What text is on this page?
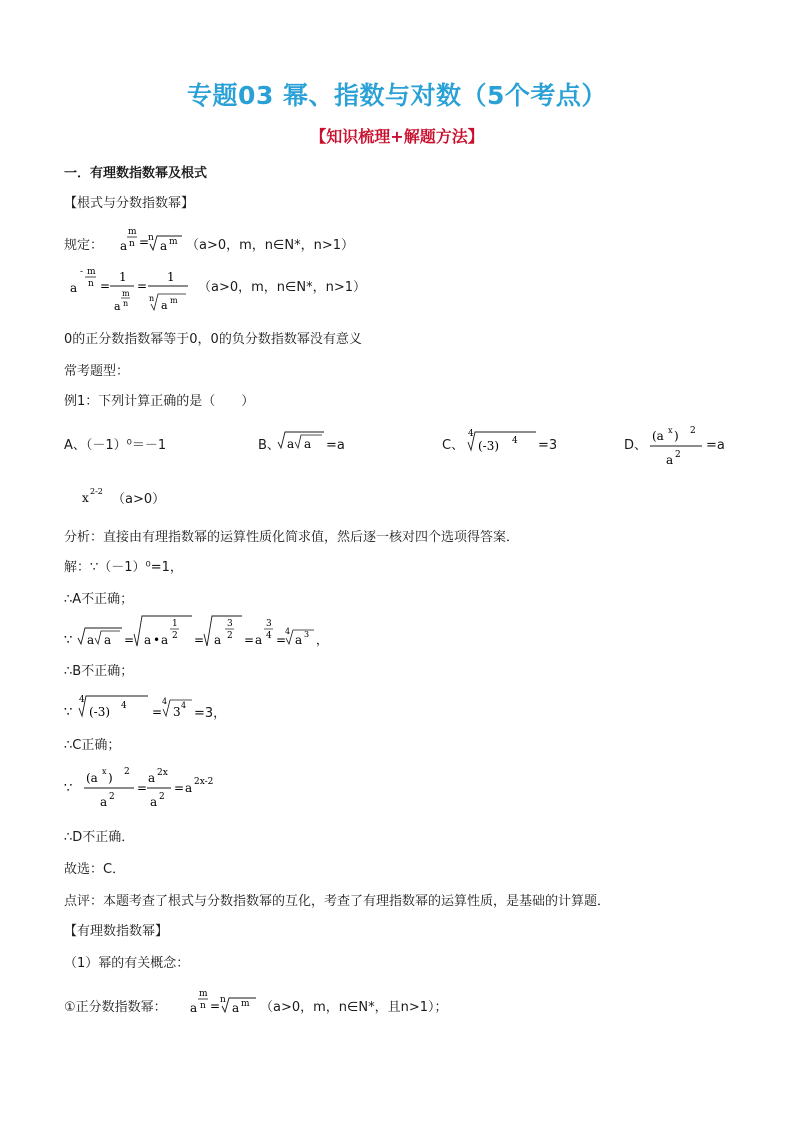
专题03 幂、指数与对数（5个考点）
【知识梳理+解题方法】
一．有理数指数幂及根式
【根式与分数指数幂】
规定： a
m
n =
n
a m （a>0，m，n∈N*，n>1）
a
- m
n =
1
a
m
n
=
1
n
a m
（a>0，m，n∈N*，n>1）
0的正分数指数幂等于0，0的负分数指数幂没有意义
常考题型：
例1：下列计算正确的是（　　）
A、（－1）⁰＝－1	B、 a a =a	C、
4
(-3) 4 =3	D、
(a x ) 2
a 2
=a
x 2-2
（a>0）
分析：直接由有理指数幂的运算性质化简求值，然后逐一核对四个选项得答案．
解：∵（－1）⁰=1，
∴A不正确；
∵ a a = a • a
1
2 = a
3
2 = a
3
4 =
4
a 3 ，
∴B不正确；
∵
4
(-3) 4 =
4
3 4
=3，
∴C正确；
∵
(a x ) 2
a 2
=
a 2x
a 2
= a 2x-2
∴D不正确．
故选：C．
点评：本题考查了根式与分数指数幂的互化，考查了有理指数幂的运算性质，是基础的计算题．
【有理数指数幂】
（1）幂的有关概念：
①正分数指数幂： a
m
n = n
a m （a>0，m，n∈N*，且n>1）；
